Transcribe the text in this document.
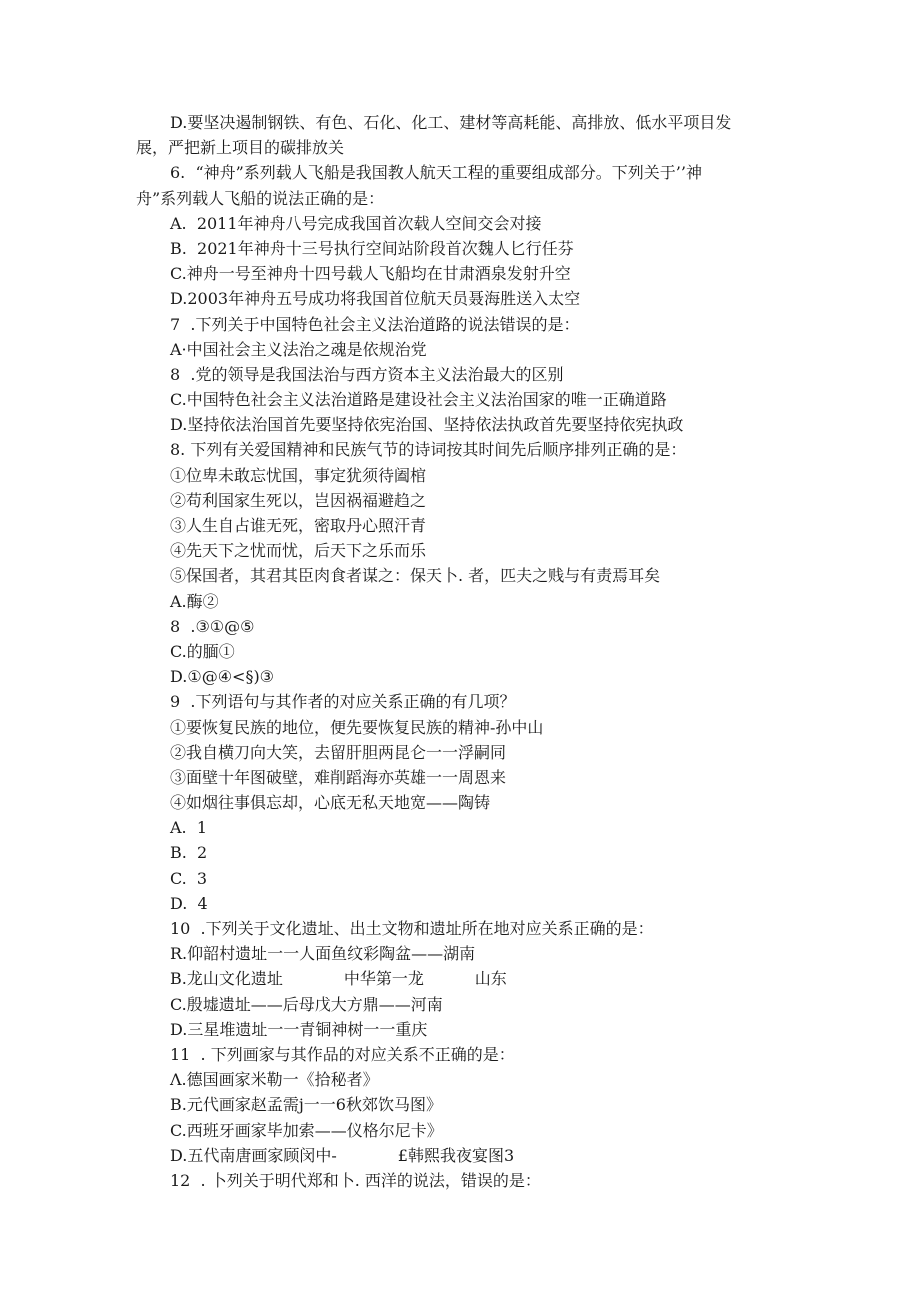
D.要坚决遏制钢铁、有色、石化、化工、建材等高耗能、高排放、低水平项目发
展，严把新上项目的碳排放关
6.  “神舟”系列载人飞船是我国教人航天工程的重要组成部分。下列关于’’神
舟”系列载人飞船的说法正确的是：
A.  2011年神舟八号完成我国首次载人空间交会对接
B.  2021年神舟十三号执行空间站阶段首次魏人匕行任芬
C.神舟一号至神舟十四号载人飞船均在甘肃酒泉发射升空
D.2003年神舟五号成功将我国首位航天员聂海胜送入太空
7  .下列关于中国特色社会主义法治道路的说法错误的是：
A·中国社会主义法治之魂是依规治党
8  .党的领导是我国法治与西方资本主义法治最大的区别
C.中国特色社会主义法治道路是建设社会主义法治国家的唯一正确道路
D.坚持依法治国首先要坚持依宪治国、坚持依法执政首先要坚持依宪执政
8. 下列有关爱国精神和民族气节的诗词按其时间先后顺序排列正确的是：
①位卑未敢忘忧国，事定犹须待阖棺
②苟利国家生死以，岂因祸福避趋之
③人生自占谁无死，密取丹心照汗青
④先天下之忧而忧，后天下之乐而乐
⑤保国者，其君其臣肉食者谋之：保天卜. 者，匹夫之贱与有责焉耳矣
A.酶②
8  .③①@⑤
C.的腼①
D.①@④<§)③
9  .下列语句与其作者的对应关系正确的有几项？
①要恢复民族的地位，便先要恢复民族的精神-孙中山
②我自横刀向大笑，去留肝胆两昆仑一一浮嗣同
③面壁十年图破壁，难削蹈海亦英雄一一周恩来
④如烟往事俱忘却，心底无私天地宽——陶铸
A.  1
B.  2
C.  3
D.  4
10  .下列关于文化遗址、出土文物和遗址所在地对应关系正确的是：
R.仰韶村遗址一一人面鱼纹彩陶盆——湖南
B.龙山文化遗址            中华第一龙          山东
C.殷墟遗址——后母戊大方鼎——河南
D.三星堆遗址一一青铜神树一一重庆
11  . 下列画家与其作品的对应关系不正确的是：
Λ.德国画家米勒一《拾秘者》
B.元代画家赵孟需j一一6秋郊饮马图》
C.西班牙画家毕加索——仪格尔尼卡》
D.五代南唐画家顾闵中-            £韩熙我夜宴图3
12  . 卜列关于明代郑和卜. 西洋的说法，错误的是：
